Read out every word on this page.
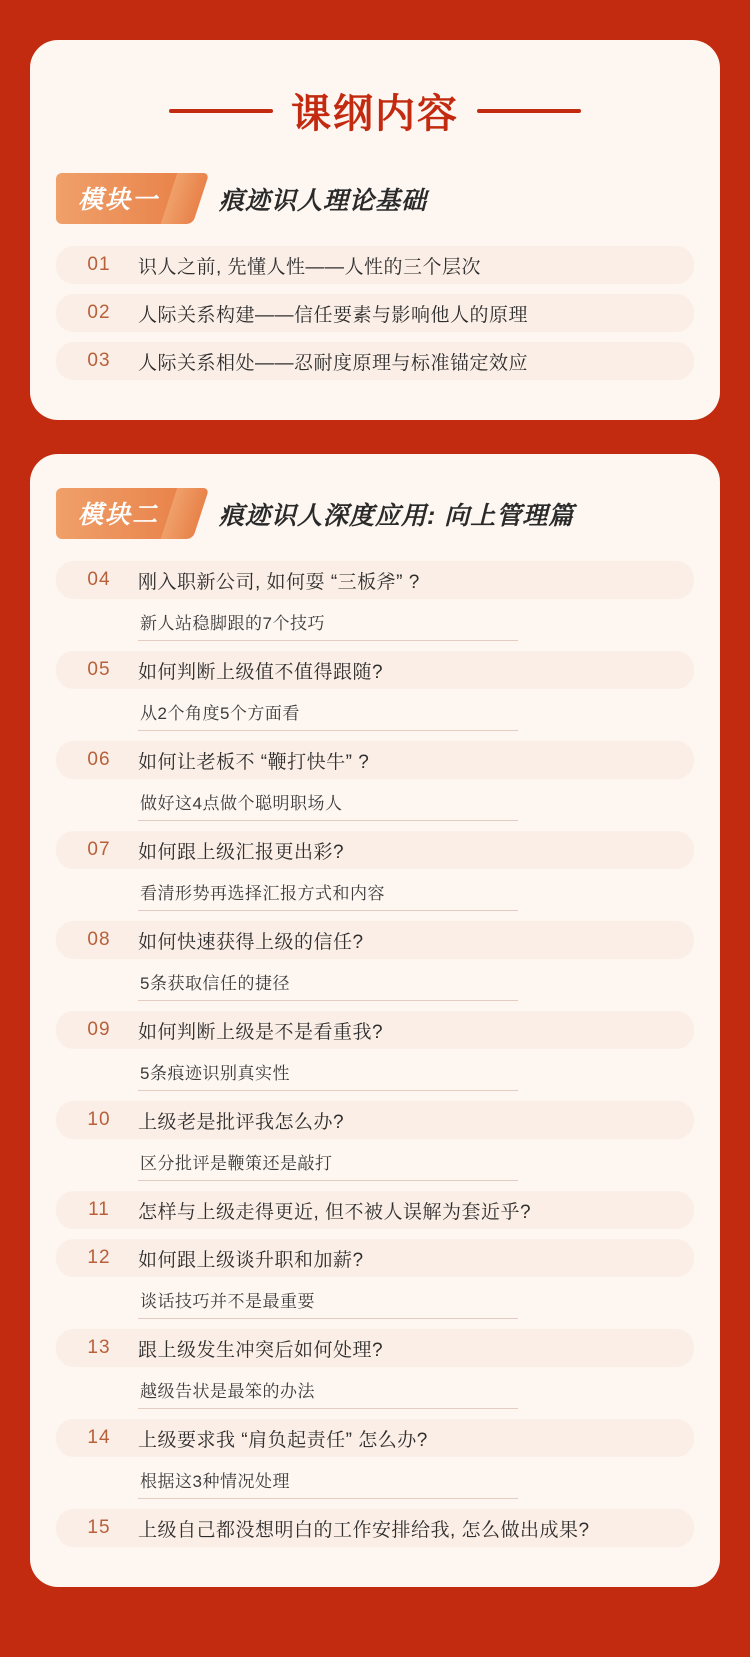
课纲内容
模块一	痕迹识人理论基础
01	识人之前, 先懂人性——人性的三个层次
02	人际关系构建——信任要素与影响他人的原理
03	人际关系相处——忍耐度原理与标准锚定效应
模块二	痕迹识人深度应用: 向上管理篇
04	刚入职新公司, 如何耍 “三板斧” ?
新人站稳脚跟的7个技巧
05	如何判断上级值不值得跟随?
从2个角度5个方面看
06	如何让老板不 “鞭打快牛” ?
做好这4点做个聪明职场人
07	如何跟上级汇报更出彩?
看清形势再选择汇报方式和内容
08	如何快速获得上级的信任?
5条获取信任的捷径
09	如何判断上级是不是看重我?
5条痕迹识别真实性
10	上级老是批评我怎么办?
区分批评是鞭策还是敲打
11	怎样与上级走得更近, 但不被人误解为套近乎?
12	如何跟上级谈升职和加薪?
谈话技巧并不是最重要
13	跟上级发生冲突后如何处理?
越级告状是最笨的办法
14	上级要求我 “肩负起责任” 怎么办?
根据这3种情况处理
15	上级自己都没想明白的工作安排给我, 怎么做出成果?
